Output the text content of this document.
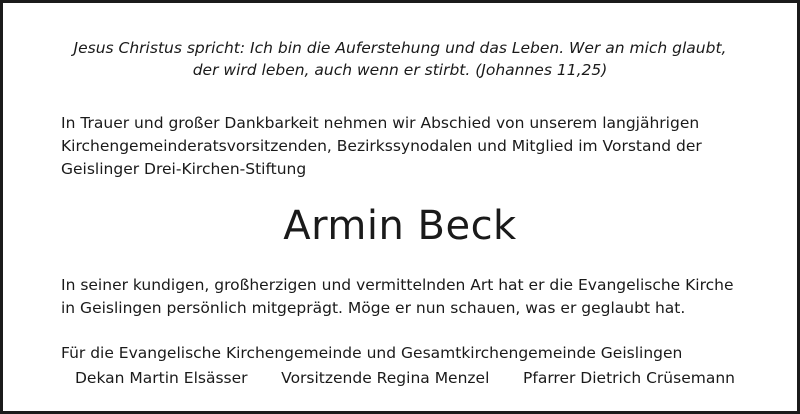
Jesus Christus spricht: Ich bin die Auferstehung und das Leben. Wer an mich glaubt,
der wird leben, auch wenn er stirbt. (Johannes 11,25)
In Trauer und großer Dankbarkeit nehmen wir Abschied von unserem langjährigen
Kirchengemeinderatsvorsitzenden, Bezirkssynodalen und Mitglied im Vorstand der
Geislinger Drei-Kirchen-Stiftung
Armin Beck
In seiner kundigen, großherzigen und vermittelnden Art hat er die Evangelische Kirche
in Geislingen persönlich mitgeprägt. Möge er nun schauen, was er geglaubt hat.
Für die Evangelische Kirchengemeinde und Gesamtkirchengemeinde Geislingen
Dekan Martin Elsässer Vorsitzende Regina Menzel Pfarrer Dietrich Crüsemann
